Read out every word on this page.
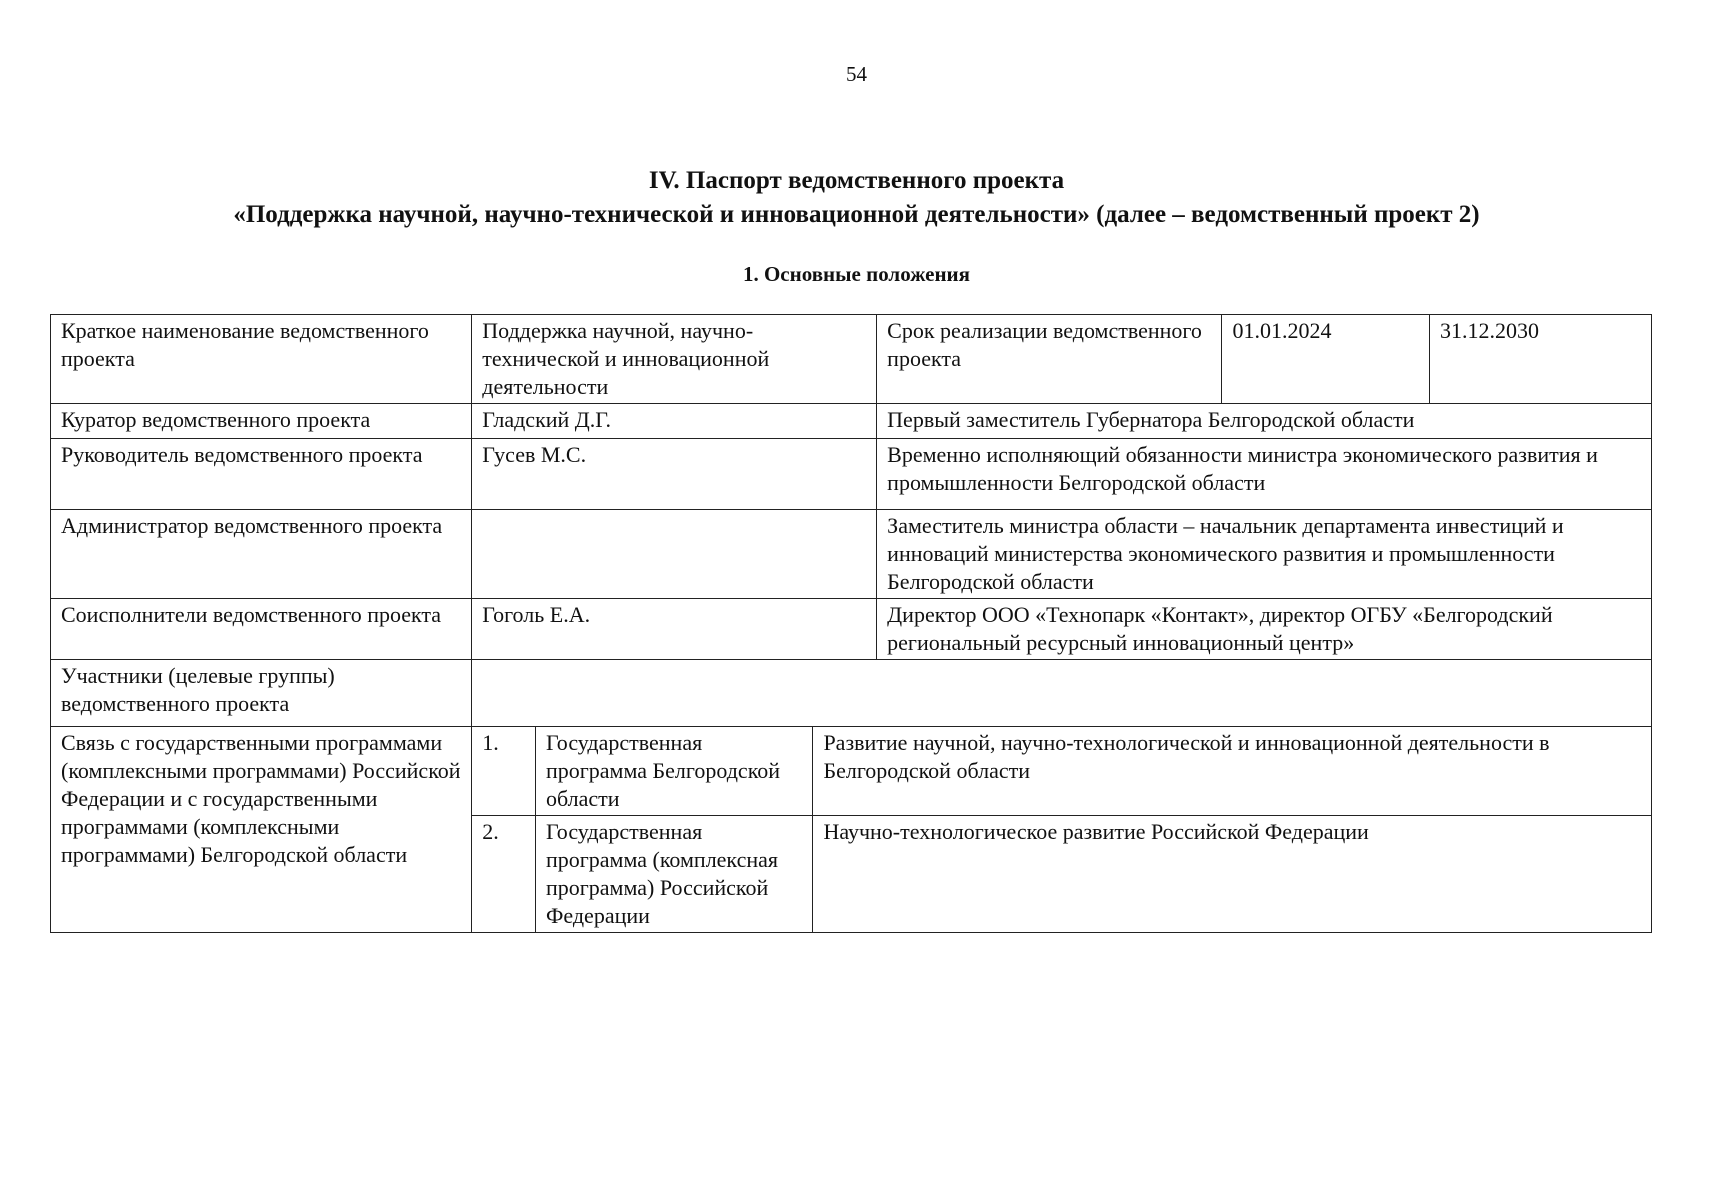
54
IV. Паспорт ведомственного проекта
«Поддержка научной, научно-технической и инновационной деятельности» (далее – ведомственный проект 2)
1. Основные положения
Краткое наименование ведомственного проекта	Поддержка научной, научно-технической и инновационной деятельности			Срок реализации ведомственного проекта	01.01.2024	31.12.2030
Куратор ведомственного проекта	Гладский Д.Г.			Первый заместитель Губернатора Белгородской области		
Руководитель ведомственного проекта	Гусев М.С.			Временно исполняющий обязанности министра экономического развития и промышленности Белгородской области		
Администратор ведомственного проекта				Заместитель министра области – начальник департамента инвестиций и инноваций министерства экономического развития и промышленности Белгородской области		
Соисполнители ведомственного проекта	Гоголь Е.А.			Директор ООО «Технопарк «Контакт», директор ОГБУ «Белгородский региональный ресурсный инновационный центр»		
Участники (целевые группы) ведомственного проекта						
Связь с государственными программами (комплексными программами) Российской Федерации и с государственными программами (комплексными программами) Белгородской области	1.	Государственная программа Белгородской области	Развитие научной, научно-технологической и инновационной деятельности в Белгородской области			
	2.	Государственная программа (комплексная программа) Российской Федерации	Научно-технологическое развитие Российской Федерации			
